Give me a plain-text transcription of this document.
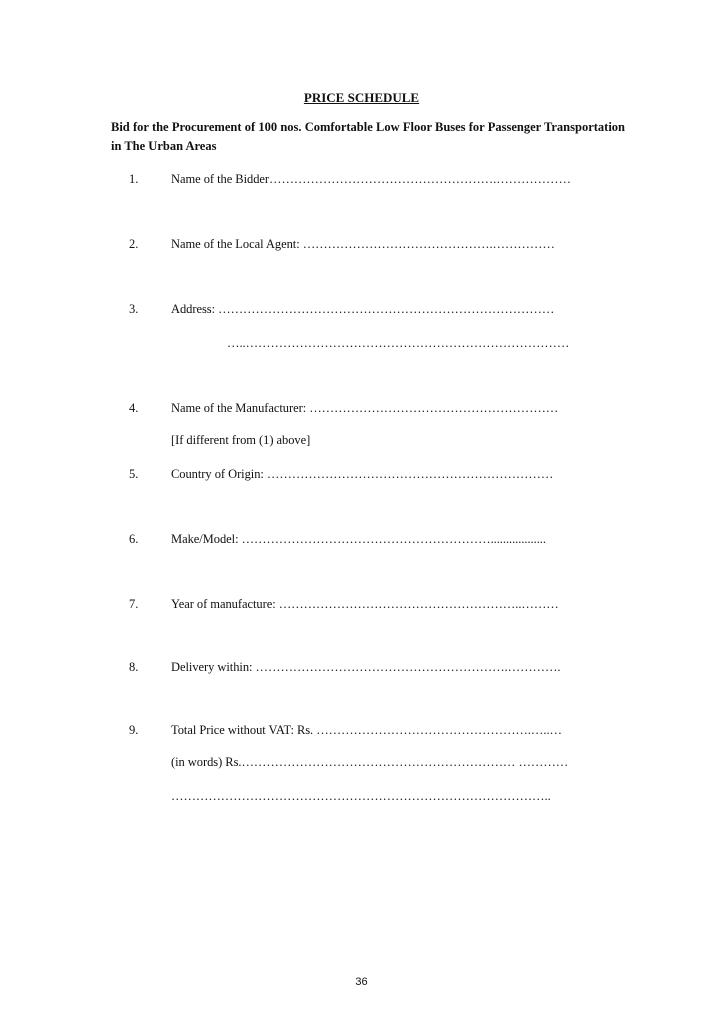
PRICE SCHEDULE
Bid for the Procurement of 100 nos. Comfortable Low Floor Buses for Passenger Transportation in The Urban Areas
1.	Name of the Bidder……………………………………………….………………
2.	Name of the Local Agent: ……………………………………….……………
3.	Address: ………………………………………………………………………
…..……………………………………………………………………
4.	Name of the Manufacturer: ……………………………………………………
[If different from (1) above]
5.	Country of Origin: ……………………………………………………………
6.	Make/Model: ……………………………………………………..................
7.	Year of manufacture: …………………………………………………..………
8.	Delivery within: …………………………………………………….………….
9.	Total Price without VAT: Rs. …………………………………………….…..…
(in words) Rs.………………………………………………………… …………
………………………………………………………………………………..
36
